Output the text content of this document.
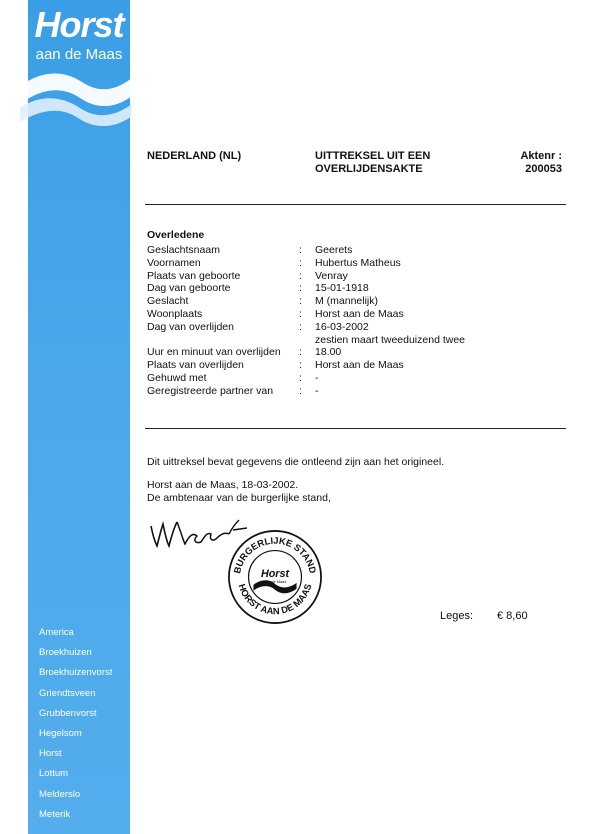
Horst
aan de Maas
America
Broekhuizen
Broekhuizenvorst
Griendtsveen
Grubbenvorst
Hegelsom
Horst
Lottum
Melderslo
Meterik
NEDERLAND (NL)	UITTREKSEL UIT EEN
OVERLIJDENSAKTE
Aktenr :
200053
Overledene
Geslachtsnaam	:	Geerets
Voornamen	:	Hubertus Matheus
Plaats van geboorte	:	Venray
Dag van geboorte	:	15-01-1918
Geslacht	:	M (mannelijk)
Woonplaats	:	Horst aan de Maas
Dag van overlijden	:	16-03-2002
zestien maart tweeduizend twee
Uur en minuut van overlijden	:	18.00
Plaats van overlijden	:	Horst aan de Maas
Gehuwd met	:	-
Geregistreerde partner van	:	-
Dit uittreksel bevat gegevens die ontleend zijn aan het origineel.
Horst aan de Maas, 18-03-2002.
De ambtenaar van de burgerlijke stand,
BURGERLIJKE STAND
HORST AAN DE MAAS
Horst
aan de Maas
Leges: € 8,60
